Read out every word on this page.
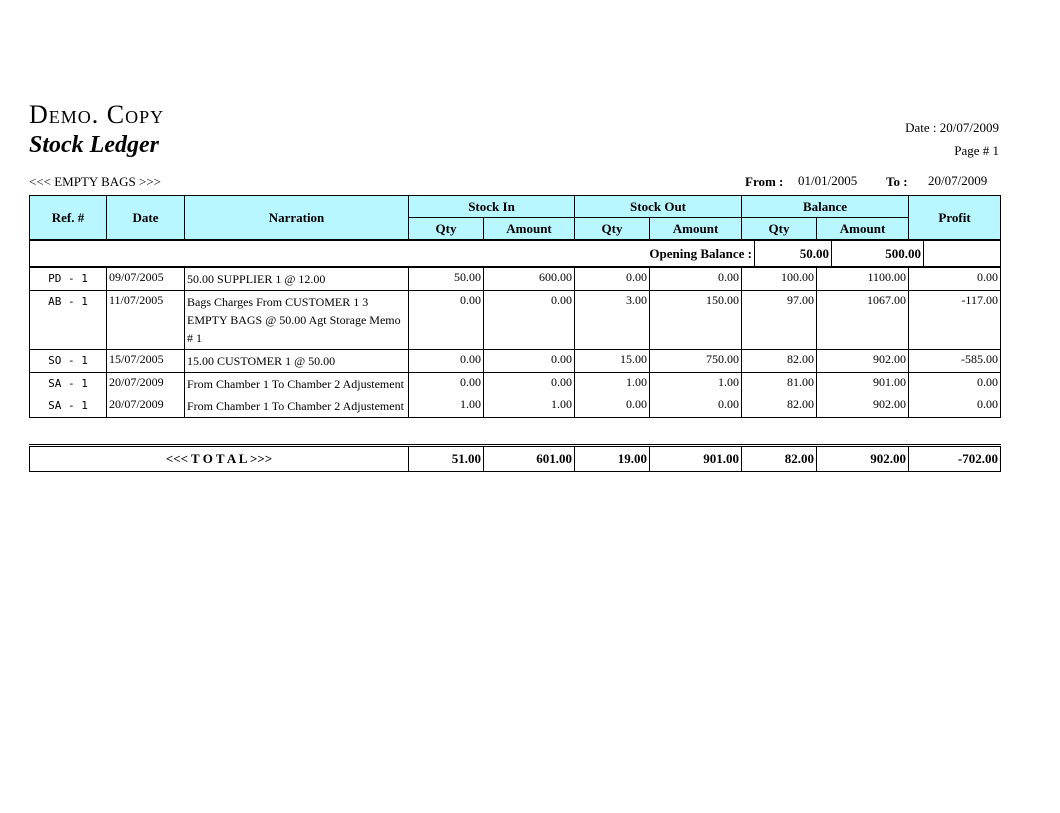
Demo. Copy
Stock Ledger
Date : 20/07/2009
Page # 1
<<< EMPTY BAGS >>>	From : 01/01/2005 To : 20/07/2009
Ref. #	Date	Narration	Stock In		Stock Out		Balance		Profit
			Qty	Amount	Qty	Amount	Qty	Amount	
Opening Balance :	50.00	500.00	
PD - 1	09/07/2005	50.00 SUPPLIER 1 @ 12.00	50.00	600.00	0.00	0.00	100.00	1100.00	0.00
AB - 1	11/07/2005	Bags Charges From CUSTOMER 1 3 EMPTY BAGS @ 50.00 Agt Storage Memo # 1	0.00	0.00	3.00	150.00	97.00	1067.00	-117.00
SO - 1	15/07/2005	15.00 CUSTOMER 1 @ 50.00	0.00	0.00	15.00	750.00	82.00	902.00	-585.00
SA - 1	20/07/2009	From Chamber 1 To Chamber 2 Adjustement	0.00	0.00	1.00	1.00	81.00	901.00	0.00
SA - 1	20/07/2009	From Chamber 1 To Chamber 2 Adjustement	1.00	1.00	0.00	0.00	82.00	902.00	0.00
<<< T O T A L >>>	51.00	601.00	19.00	901.00	82.00	902.00	-702.00
